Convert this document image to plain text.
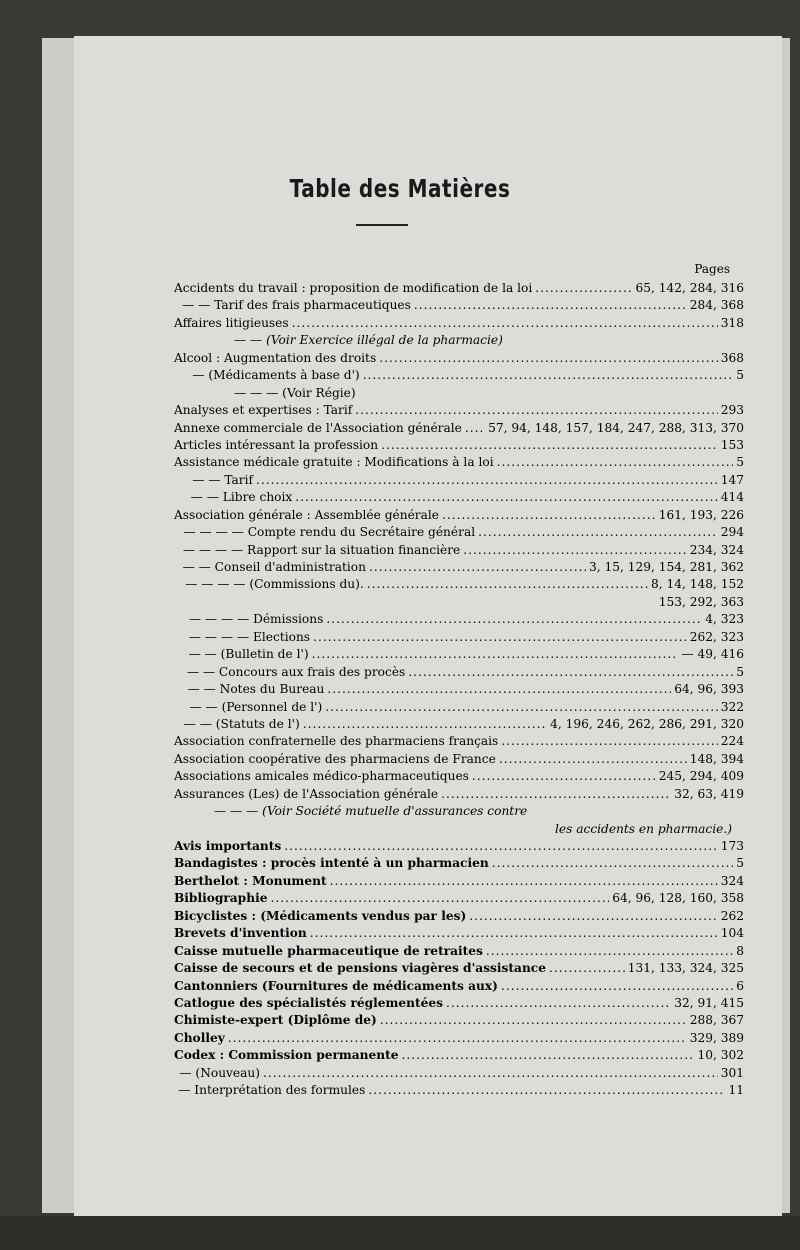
Table des Matières
Pages
Accidents du travail : proposition de modification de la loi .....	65, 142, 284, 316
— — Tarif des frais pharmaceutiques .....	284, 368
Affaires litigieuses .....	318
— — (Voir Exercice illégal de la pharmacie)
Alcool : Augmentation des droits .....	368
— (Médicaments à base d') .....	5
— — — (Voir Régie)
Analyses et expertises : Tarif .....	293
Annexe commerciale de l'Association générale ..... 57, 94, 148, 157, 184, 247, 288, 313, 370
Articles intéressant la profession .....	153
Assistance médicale gratuite : Modifications à la loi .....	5
— — Tarif .....	147
— — Libre choix .....	414
Association générale : Assemblée générale .....	161, 193, 226
— — — — Compte rendu du Secrétaire général .....	294
— — — — Rapport sur la situation financière .....	234, 324
— — Conseil d'administration .....	3, 15, 129, 154, 281, 362
— — — — (Commissions du). .....	8, 14, 148, 152
153, 292, 363
— — — — Démissions .....	4, 323
— — — — Elections .....	262, 323
— — (Bulletin de l') .....	— 49, 416
— — Concours aux frais des procès .....	5
— — Notes du Bureau .....	64, 96, 393
— — (Personnel de l') .....	322
— — (Statuts de l') .....	4, 196, 246, 262, 286, 291, 320
Association confraternelle des pharmaciens français .....	224
Association coopérative des pharmaciens de France .....	148, 394
Associations amicales médico-pharmaceutiques .....	245, 294, 409
Assurances (Les) de l'Association générale .....	32, 63, 419
— — — (Voir Société mutuelle d'assurances contre
les accidents en pharmacie.)
Avis importants .....	173
Bandagistes : procès intenté à un pharmacien .....	5
Berthelot : Monument .....	324
Bibliographie .....	64, 96, 128, 160, 358
Bicyclistes : (Médicaments vendus par les) .....	262
Brevets d'invention .....	104
Caisse mutuelle pharmaceutique de retraites .....	8
Caisse de secours et de pensions viagères d'assistance .....	131, 133, 324, 325
Cantonniers (Fournitures de médicaments aux) .....	6
Catlogue des spécialistés réglementées .....	32, 91, 415
Chimiste-expert (Diplôme de) .....	288, 367
Cholley .....	329, 389
Codex : Commission permanente .....	10, 302
— (Nouveau) .....	301
— Interprétation des formules .....	11
